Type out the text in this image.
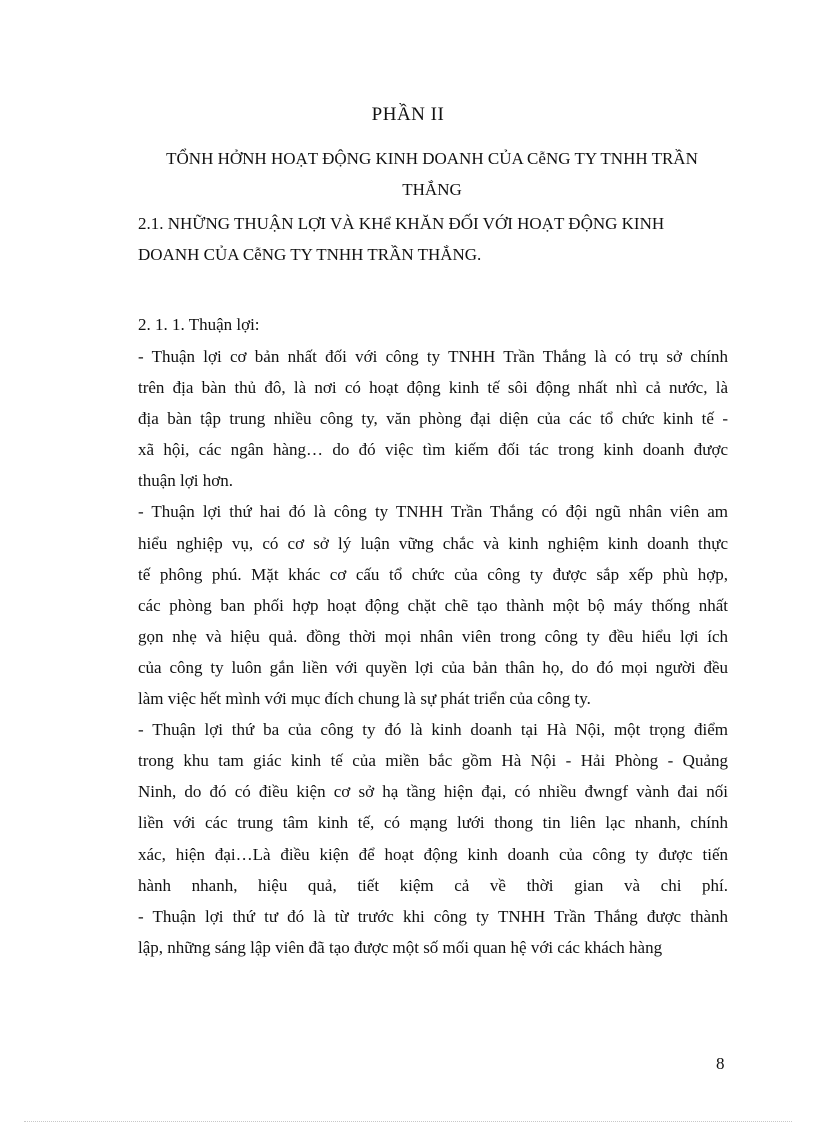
PHẦN II
TỔNH HỞNH HOẠT ĐỘNG KINH DOANH CỦA CễNG TY TNHH TRẦN THẮNG
2.1. NHỮNG THUẬN LỢI VÀ KHể KHĂN ĐỐI VỚI HOẠT ĐỘNG KINH DOANH CỦA CễNG TY TNHH TRẦN THẮNG.
2. 1. 1. Thuận lợi:
- Thuận lợi cơ bản nhất đối với công ty TNHH Trần Thắng là có trụ sở chính
trên địa bàn thủ đô, là nơi có hoạt động kinh tế sôi động nhất nhì cả nước, là
địa bàn tập trung nhiều công ty, văn phòng đại diện của các tổ chức kinh tế -
xã hội, các ngân hàng… do đó việc tìm kiếm đối tác trong kinh doanh được
thuận lợi hơn.
- Thuận lợi thứ hai đó là công ty TNHH Trần Thắng có đội ngũ nhân viên am
hiểu nghiệp vụ, có cơ sở lý luận vững chắc và kinh nghiệm kinh doanh thực
tế phông phú. Mặt khác cơ cấu tổ chức của công ty được sắp xếp phù hợp,
các phòng ban phối hợp hoạt động chặt chẽ tạo thành một bộ máy thống nhất
gọn nhẹ và hiệu quả. đồng thời mọi nhân viên trong công ty đều hiểu lợi ích
của công ty luôn gắn liền với quyền lợi của bản thân họ, do đó mọi người đều
làm việc hết mình với mục đích chung là sự phát triển của công ty.
- Thuận lợi thứ ba của công ty đó là kinh doanh tại Hà Nội, một trọng điểm
trong khu tam giác kinh tế của miền bắc gồm Hà Nội - Hải Phòng - Quảng
Ninh, do đó có điều kiện cơ sở hạ tầng hiện đại, có nhiều đwngf vành đai nối
liền với các trung tâm kinh tế, có mạng lưới thong tin liên lạc nhanh, chính
xác, hiện đại…Là điều kiện để hoạt động kinh doanh của công ty được tiến
hành nhanh, hiệu quả, tiết kiệm cả về thời gian và chi phí.
- Thuận lợi thứ tư đó là từ trước khi công ty TNHH Trần Thắng được thành
lập, những sáng lập viên đã tạo được một số mối quan hệ với các khách hàng
8
